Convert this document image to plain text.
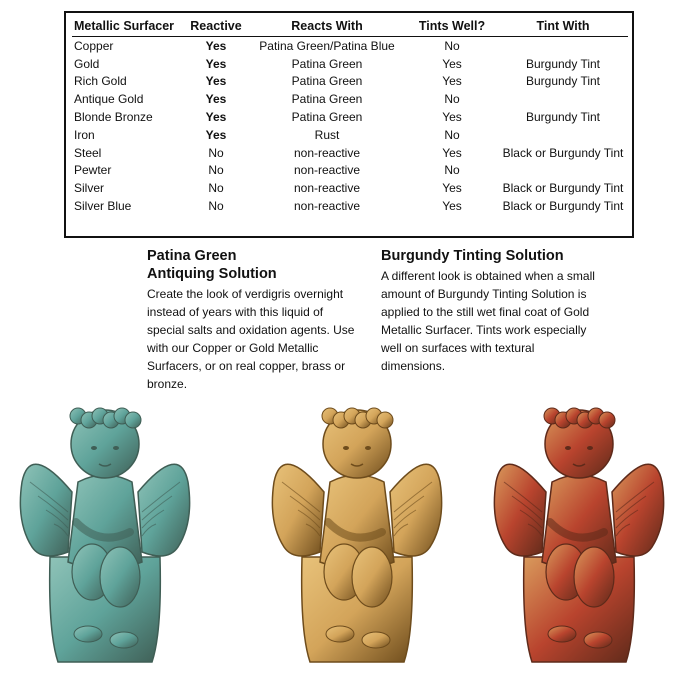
Metallic Surfacer	Reactive	Reacts With	Tints Well?	Tint With
Copper	Yes	Patina Green/Patina Blue	No	
Gold	Yes	Patina Green	Yes	Burgundy Tint
Rich Gold	Yes	Patina Green	Yes	Burgundy Tint
Antique Gold	Yes	Patina Green	No	
Blonde Bronze	Yes	Patina Green	Yes	Burgundy Tint
Iron	Yes	Rust	No	
Steel	No	non-reactive	Yes	Black or Burgundy Tint
Pewter	No	non-reactive	No	
Silver	No	non-reactive	Yes	Black or Burgundy Tint
Silver Blue	No	non-reactive	Yes	Black or Burgundy Tint
Patina Green
Antiquing Solution

Create the look of verdigris overnight instead of years with this liquid of special salts and oxidation agents. Use with our Copper or Gold Metallic Surfacers, or on real copper, brass or bronze.

Burgundy Tinting Solution

A different look is obtained when a small amount of Burgundy Tinting Solution is applied to the still wet final coat of Gold Metallic Surfacer. Tints work especially well on surfaces with textural dimensions.
